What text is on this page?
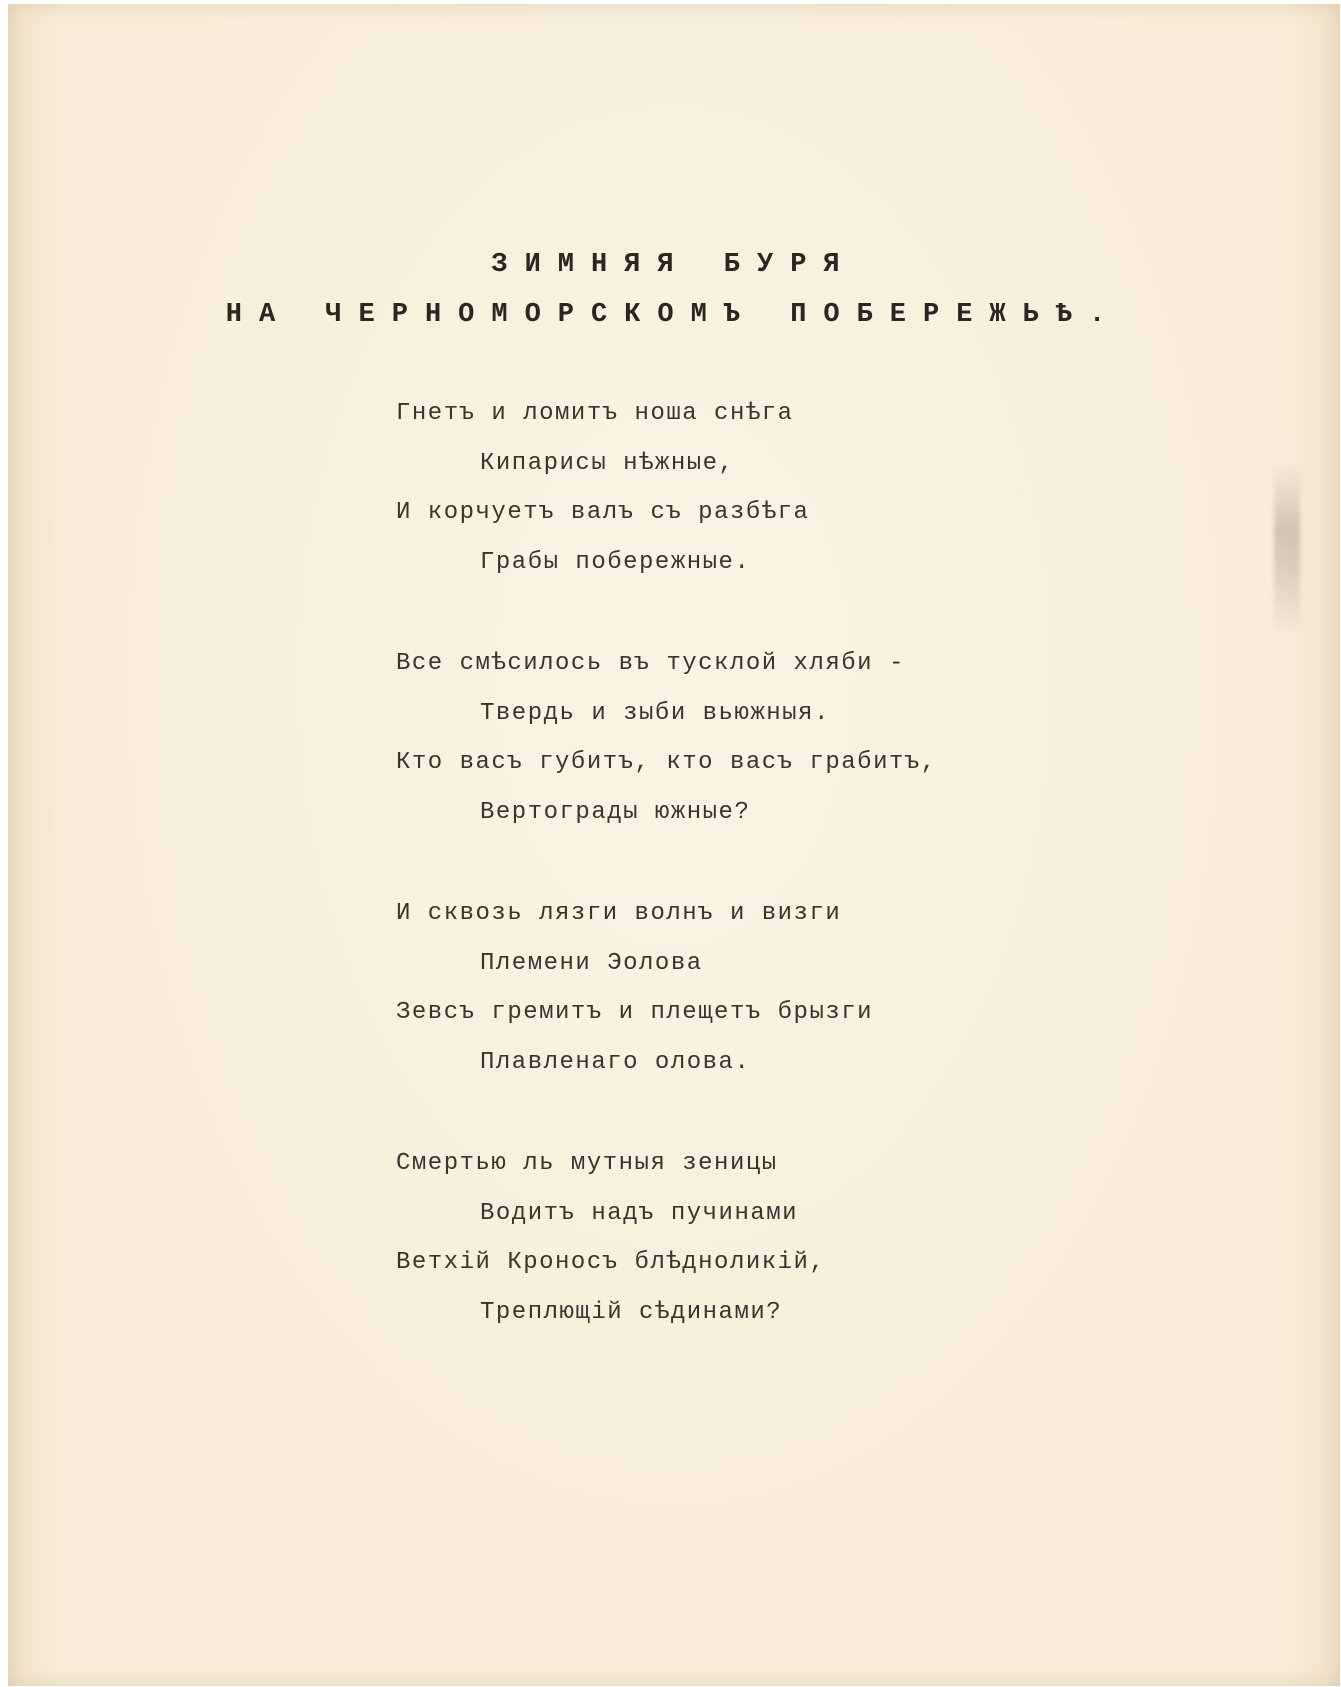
ЗИМНЯЯ БУРЯ
НА ЧЕРНОМОРСКОМЪ ПОБЕРЕЖЬѢ.
Гнетъ и ломитъ ноша снѣга
Кипарисы нѣжные,
И корчуетъ валъ съ разбѣга
Грабы побережные.
Все смѣсилось въ тусклой хляби -
Твердь и зыби вьюжныя.
Кто васъ губитъ, кто васъ грабитъ,
Вертограды южные?
И сквозь лязги волнъ и визги
Племени Эолова
Зевсъ гремитъ и плещетъ брызги
Плавленаго олова.
Смертью ль мутныя зеницы
Водитъ надъ пучинами
Ветхій Кроносъ блѣдноликій,
Треплющій сѣдинами?
